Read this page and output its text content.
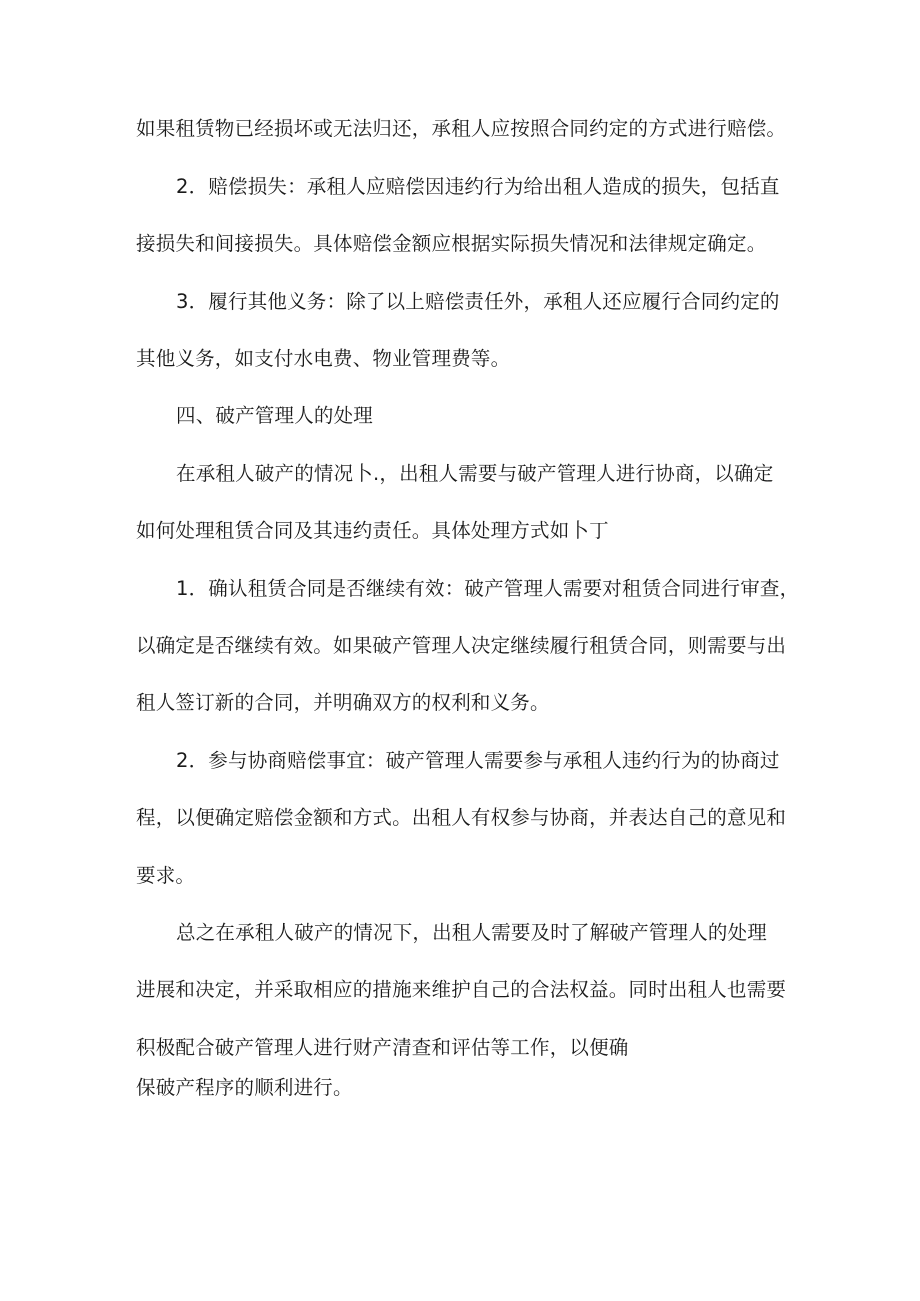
如果租赁物已经损坏或无法归还，承租人应按照合同约定的方式进行赔偿。
2．赔偿损失：承租人应赔偿因违约行为给出租人造成的损失，包括直
接损失和间接损失。具体赔偿金额应根据实际损失情况和法律规定确定。
3．履行其他义务：除了以上赔偿责任外，承租人还应履行合同约定的
其他义务，如支付水电费、物业管理费等。
四、破产管理人的处理
在承租人破产的情况卜.，出租人需要与破产管理人进行协商，以确定
如何处理租赁合同及其违约责任。具体处理方式如卜丁
1．确认租赁合同是否继续有效：破产管理人需要对租赁合同进行审查，
以确定是否继续有效。如果破产管理人决定继续履行租赁合同，则需要与出
租人签订新的合同，并明确双方的权利和义务。
2．参与协商赔偿事宜：破产管理人需要参与承租人违约行为的协商过
程，以便确定赔偿金额和方式。出租人有权参与协商，并表达自己的意见和
要求。
总之在承租人破产的情况下，出租人需要及时了解破产管理人的处理
进展和决定，并采取相应的措施来维护自己的合法权益。同时出租人也需要
积极配合破产管理人进行财产清查和评估等工作，以便确
保破产程序的顺利进行。
